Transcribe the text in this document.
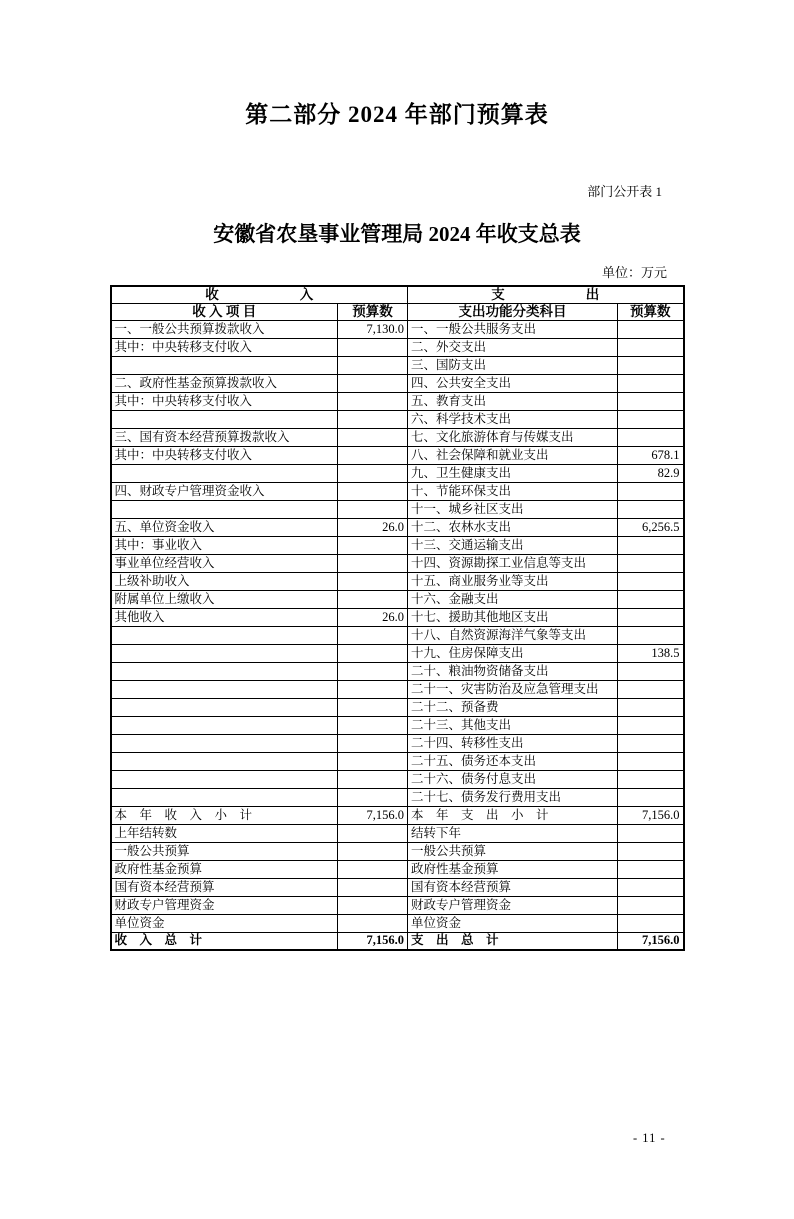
第二部分 2024 年部门预算表
部门公开表 1
安徽省农垦事业管理局 2024 年收支总表
单位：万元
收　　　　　　入		支　　　　　　出	
收 入 项 目	预算数	支出功能分类科目	预算数
一、一般公共预算拨款收入	7,130.0	一、一般公共服务支出	
其中：中央转移支付收入		二、外交支出	
		三、国防支出	
二、政府性基金预算拨款收入		四、公共安全支出	
其中：中央转移支付收入		五、教育支出	
		六、科学技术支出	
三、国有资本经营预算拨款收入		七、文化旅游体育与传媒支出	
其中：中央转移支付收入		八、社会保障和就业支出	678.1
		九、卫生健康支出	82.9
四、财政专户管理资金收入		十、节能环保支出	
		十一、城乡社区支出	
五、单位资金收入	26.0	十二、农林水支出	6,256.5
其中：事业收入		十三、交通运输支出	
事业单位经营收入		十四、资源勘探工业信息等支出	
上级补助收入		十五、商业服务业等支出	
附属单位上缴收入		十六、金融支出	
其他收入	26.0	十七、援助其他地区支出	
		十八、自然资源海洋气象等支出	
		十九、住房保障支出	138.5
		二十、粮油物资储备支出	
		二十一、灾害防治及应急管理支出	
		二十二、预备费	
		二十三、其他支出	
		二十四、转移性支出	
		二十五、债务还本支出	
		二十六、债务付息支出	
		二十七、债务发行费用支出	
本　年　收　入　小　计	7,156.0	本　年　支　出　小　计	7,156.0
上年结转数		结转下年	
一般公共预算		一般公共预算	
政府性基金预算		政府性基金预算	
国有资本经营预算		国有资本经营预算	
财政专户管理资金		财政专户管理资金	
单位资金		单位资金	
收　入　总　计	7,156.0	支　出　总　计	7,156.0
- 11 -
